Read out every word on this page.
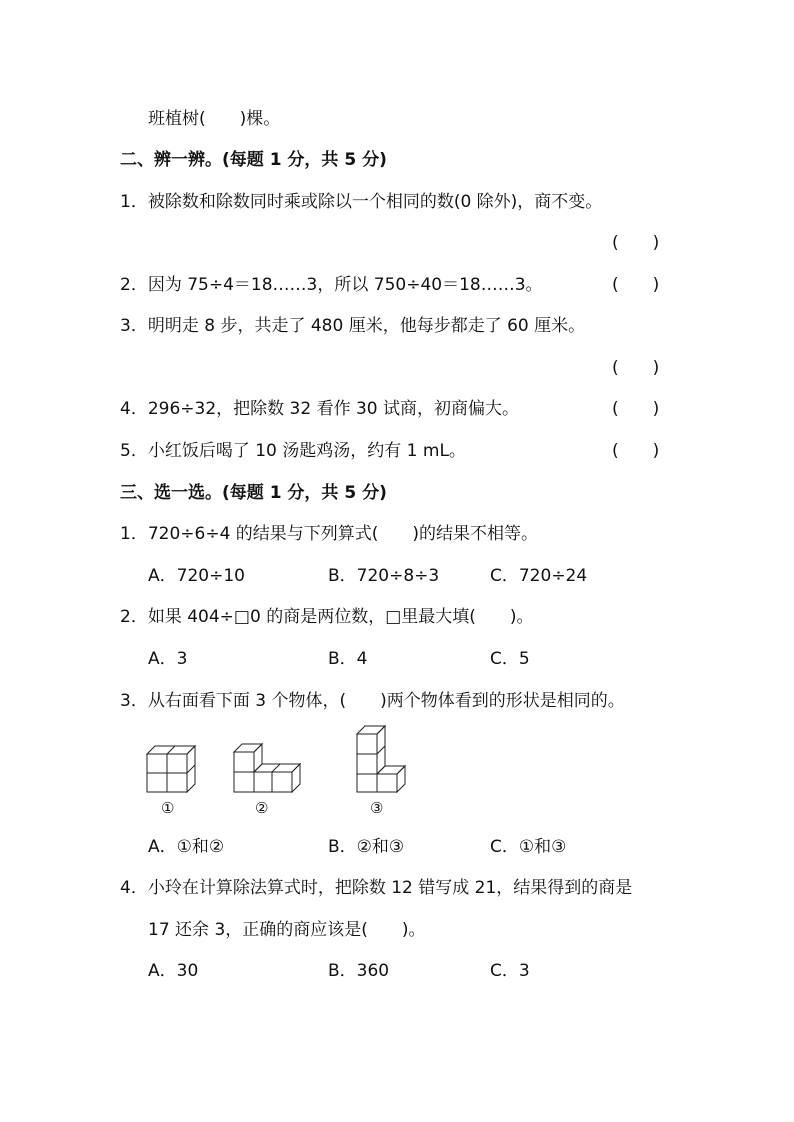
班植树(　　)棵。
二、辨一辨。(每题 1 分，共 5 分)
1．被除数和除数同时乘或除以一个相同的数(0 除外)，商不变。
(　　)
2．因为 75÷4＝18……3，所以 750÷40＝18……3。	(　　)
3．明明走 8 步，共走了 480 厘米，他每步都走了 60 厘米。
(　　)
4．296÷32，把除数 32 看作 30 试商，初商偏大。	(　　)
5．小红饭后喝了 10 汤匙鸡汤，约有 1 mL。	(　　)
三、选一选。(每题 1 分，共 5 分)
1．720÷6÷4 的结果与下列算式(　　)的结果不相等。
A．720÷10	B．720÷8÷3	C．720÷24
2．如果 404÷□0 的商是两位数，□里最大填(　　)。
A．3	B．4	C．5
3．从右面看下面 3 个物体，(　　)两个物体看到的形状是相同的。
①	②	③
A．①和②	B．②和③	C．①和③
4．小玲在计算除法算式时，把除数 12 错写成 21，结果得到的商是
17 还余 3，正确的商应该是(　　)。
A．30	B．360	C．3
